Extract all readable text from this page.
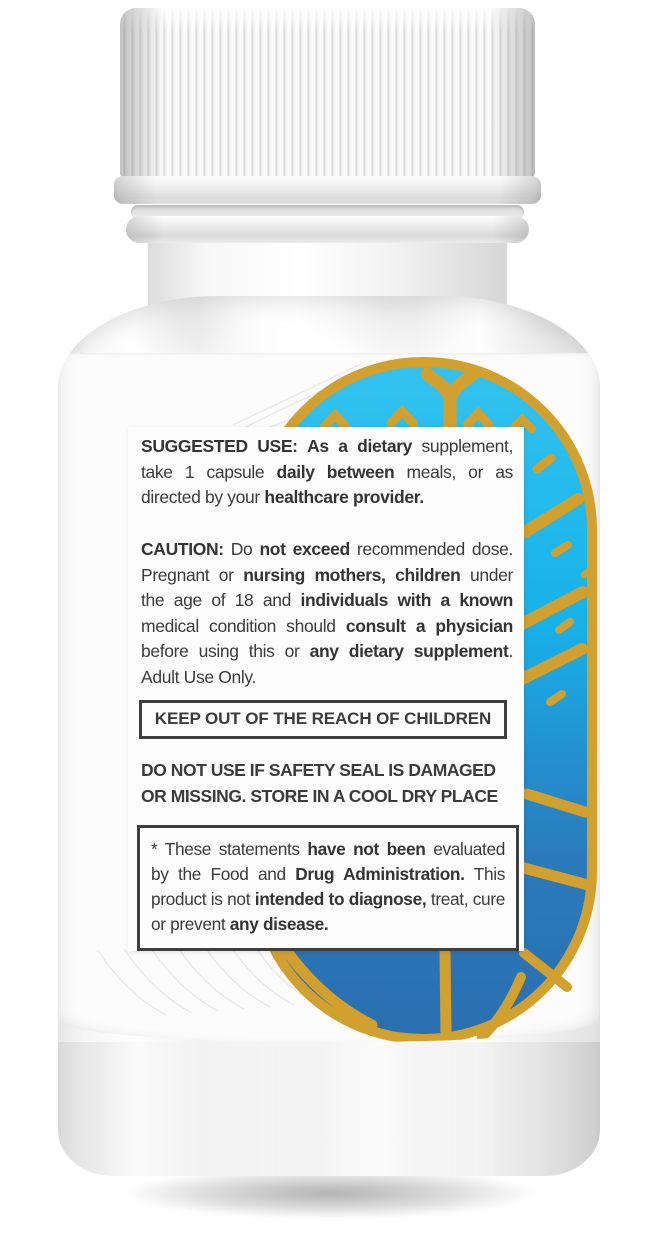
SUGGESTED USE: As a dietary supplement, take 1 capsule daily between meals, or as directed by your healthcare provider.
CAUTION: Do not exceed recommended dose. Pregnant or nursing mothers, children under the age of 18 and individuals with a known medical condition should consult a physician before using this or any dietary supplement. Adult Use Only.
KEEP OUT OF THE REACH OF CHILDREN
DO NOT USE IF SAFETY SEAL IS DAMAGED
OR MISSING. STORE IN A COOL DRY PLACE
* These statements have not been evaluated by the Food and Drug Administration. This product is not intended to diagnose, treat, cure or prevent any disease.
